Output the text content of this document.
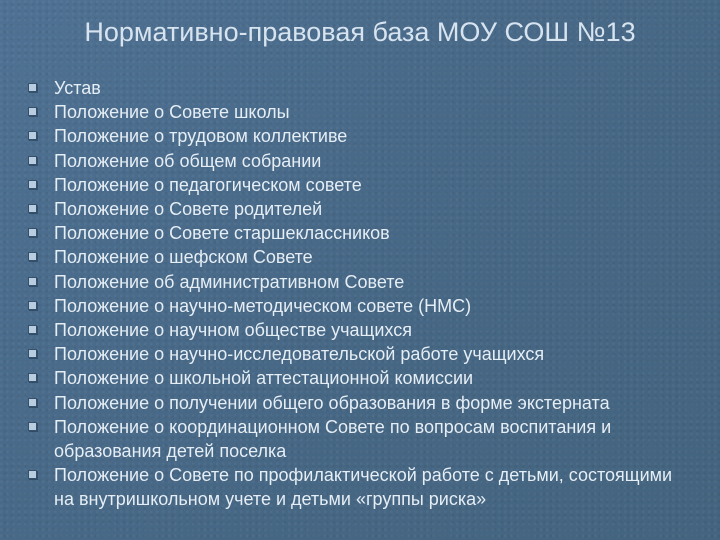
Нормативно-правовая база МОУ СОШ №13
Устав
Положение о Совете школы
Положение о трудовом коллективе
Положение об общем собрании
Положение о педагогическом совете
Положение о Совете родителей
Положение о Совете старшеклассников
Положение о шефском Совете
Положение об административном Совете
Положение о научно-методическом совете (НМС)
Положение о научном обществе учащихся
Положение о научно-исследовательской работе учащихся
Положение о школьной аттестационной комиссии
Положение о получении общего образования в форме экстерната
Положение о координационном Совете по вопросам воспитания и образования детей поселка
Положение о Совете по профилактической работе с детьми, состоящими на внутришкольном учете и детьми «группы риска»
